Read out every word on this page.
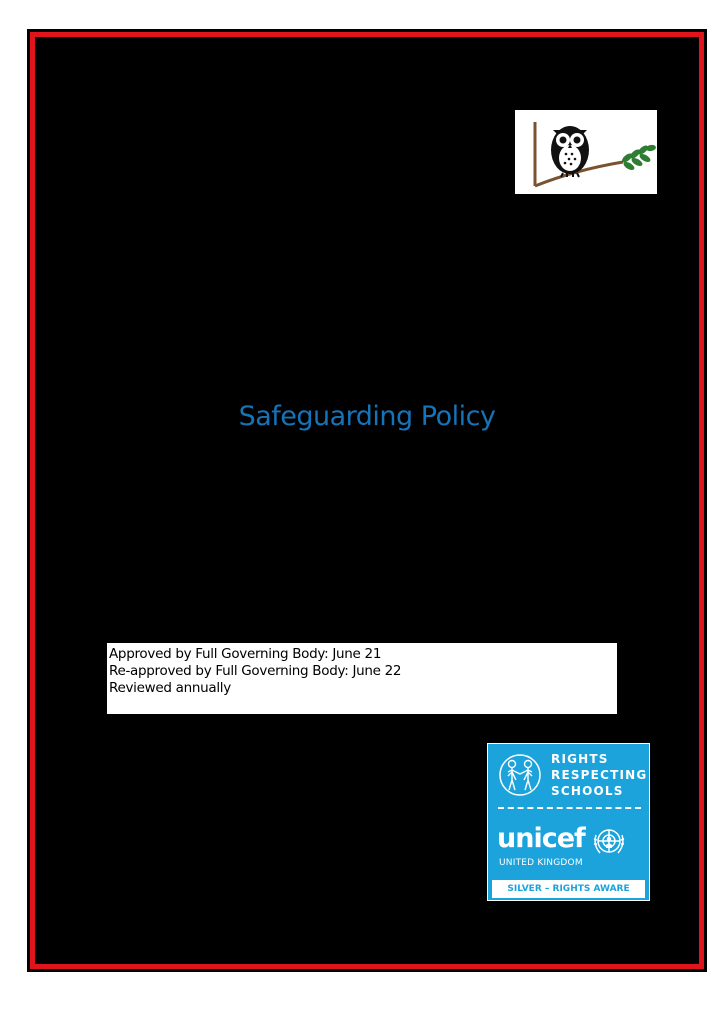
Safeguarding Policy
Approved by Full Governing Body: June 21
Re-approved by Full Governing Body: June 22
Reviewed annually
RIGHTS
RESPECTING
SCHOOLS
unicef
UNITED KINGDOM
SILVER – RIGHTS AWARE
